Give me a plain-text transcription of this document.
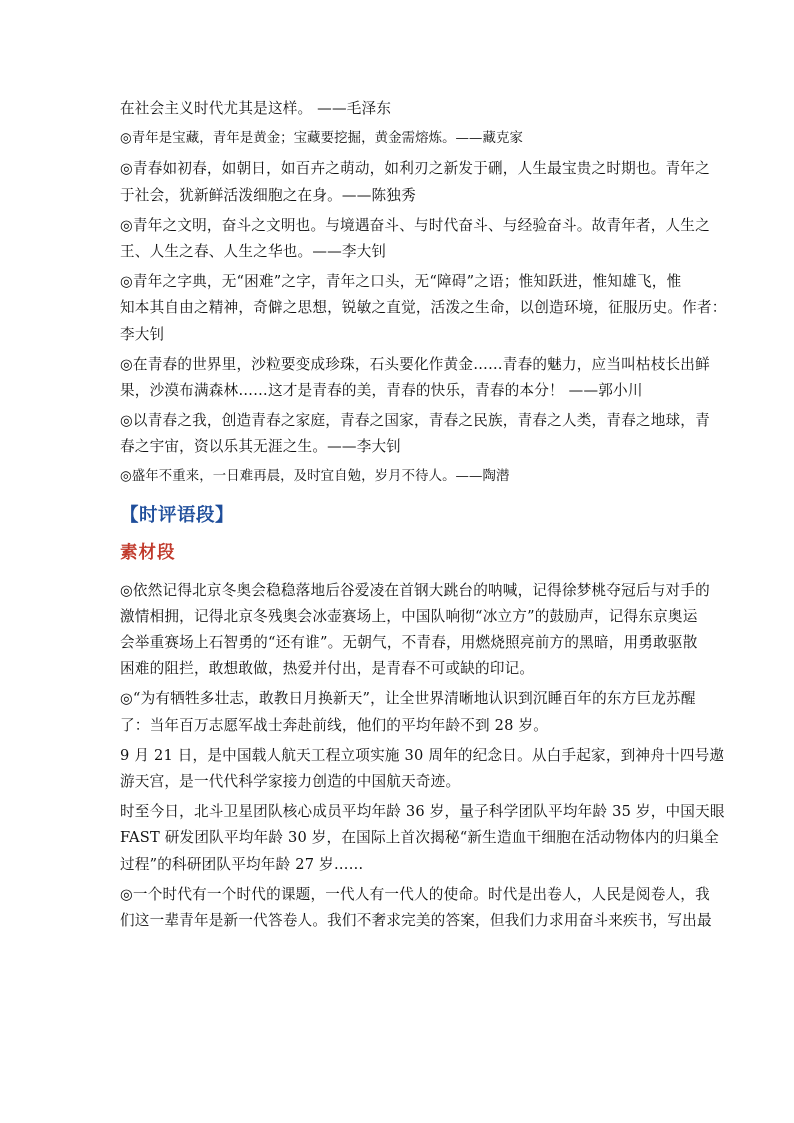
在社会主义时代尤其是这样。 ——毛泽东
◎青年是宝藏，青年是黄金；宝藏要挖掘，黄金需熔炼。——藏克家
◎青春如初春，如朝日，如百卉之萌动，如利刃之新发于硎，人生最宝贵之时期也。青年之
于社会，犹新鲜活泼细胞之在身。——陈独秀
◎青年之文明，奋斗之文明也。与境遇奋斗、与时代奋斗、与经验奋斗。故青年者，人生之
王、人生之春、人生之华也。——李大钊
◎青年之字典，无“困难”之字，青年之口头，无“障碍”之语；惟知跃进，惟知雄飞，惟
知本其自由之精神，奇僻之思想，锐敏之直觉，活泼之生命，以创造环境，征服历史。作者：
李大钊
◎在青春的世界里，沙粒要变成珍珠，石头要化作黄金……青春的魅力，应当叫枯枝长出鲜
果，沙漠布满森林……这才是青春的美，青春的快乐，青春的本分！ ——郭小川
◎以青春之我，创造青春之家庭，青春之国家，青春之民族，青春之人类，青春之地球，青
春之宇宙，资以乐其无涯之生。——李大钊
◎盛年不重来，一日难再晨，及时宜自勉，岁月不待人。——陶潜
【时评语段】
素材段
◎依然记得北京冬奥会稳稳落地后谷爱凌在首钢大跳台的呐喊，记得徐梦桃夺冠后与对手的
激情相拥，记得北京冬残奥会冰壶赛场上，中国队响彻“冰立方”的鼓励声，记得东京奥运
会举重赛场上石智勇的“还有谁”。无朝气，不青春，用燃烧照亮前方的黑暗，用勇敢驱散
困难的阻拦，敢想敢做，热爱并付出，是青春不可或缺的印记。
◎“为有牺牲多壮志，敢教日月换新天”，让全世界清晰地认识到沉睡百年的东方巨龙苏醒
了：当年百万志愿军战士奔赴前线，他们的平均年龄不到 28 岁。
9 月 21 日，是中国载人航天工程立项实施 30 周年的纪念日。从白手起家，到神舟十四号遨
游天宫，是一代代科学家接力创造的中国航天奇迹。
时至今日，北斗卫星团队核心成员平均年龄 36 岁，量子科学团队平均年龄 35 岁，中国天眼
FAST 研发团队平均年龄 30 岁，在国际上首次揭秘“新生造血干细胞在活动物体内的归巢全
过程”的科研团队平均年龄 27 岁……
◎一个时代有一个时代的课题，一代人有一代人的使命。时代是出卷人，人民是阅卷人，我
们这一辈青年是新一代答卷人。我们不奢求完美的答案，但我们力求用奋斗来疾书，写出最
